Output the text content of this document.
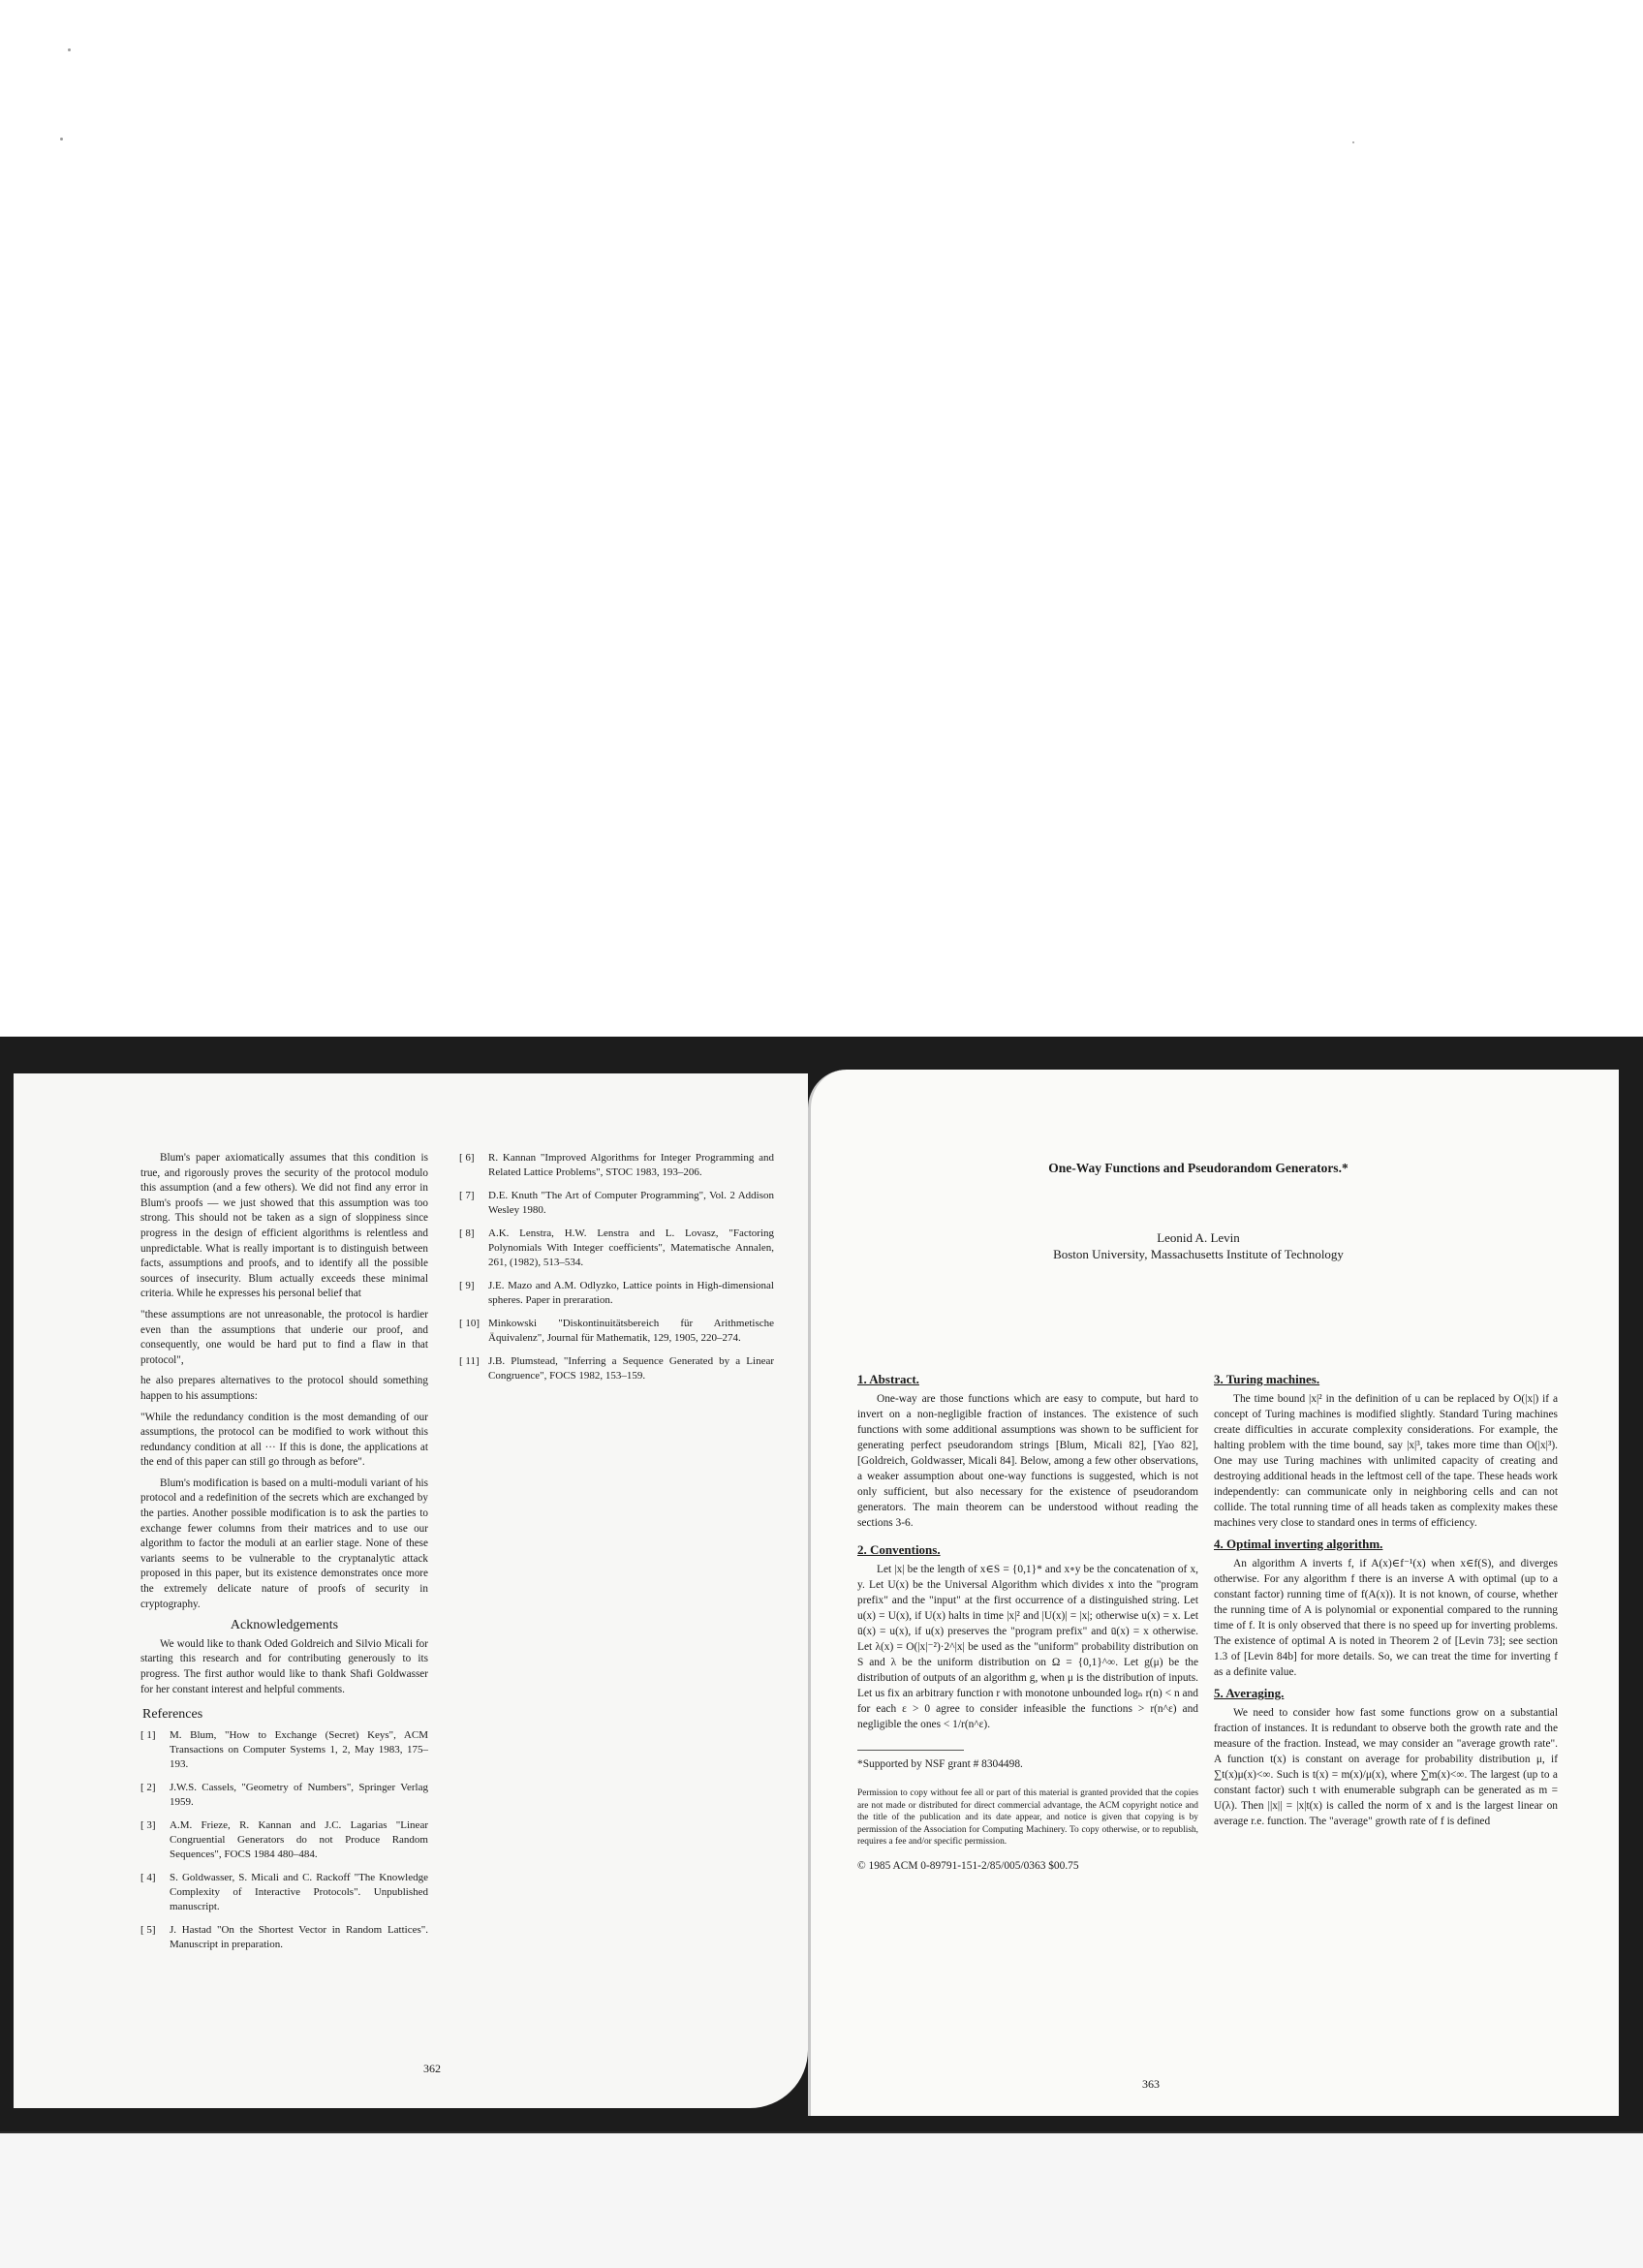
Blum's paper axiomatically assumes that this condition is true, and rigorously proves the security of the protocol modulo this assumption (and a few others). We did not find any error in Blum's proofs — we just showed that this assumption was too strong. This should not be taken as a sign of sloppiness since progress in the design of efficient algorithms is relentless and unpredictable. What is really important is to distinguish between facts, assumptions and proofs, and to identify all the possible sources of insecurity. Blum actually exceeds these minimal criteria. While he expresses his personal belief that

"these assumptions are not unreasonable, the protocol is hardier even than the assumptions that underie our proof, and consequently, one would be hard put to find a flaw in that protocol",

he also prepares alternatives to the protocol should something happen to his assumptions:

"While the redundancy condition is the most demanding of our assumptions, the protocol can be modified to work without this redundancy condition at all ··· If this is done, the applications at the end of this paper can still go through as before".

Blum's modification is based on a multi-moduli variant of his protocol and a redefinition of the secrets which are exchanged by the parties. Another possible modification is to ask the parties to exchange fewer columns from their matrices and to use our algorithm to factor the moduli at an earlier stage. None of these variants seems to be vulnerable to the cryptanalytic attack proposed in this paper, but its existence demonstrates once more the extremely delicate nature of proofs of security in cryptography.

Acknowledgements

We would like to thank Oded Goldreich and Silvio Micali for starting this research and for contributing generously to its progress. The first author would like to thank Shafi Goldwasser for her constant interest and helpful comments.

References
[ 1]	M. Blum, "How to Exchange (Secret) Keys", ACM Transactions on Computer Systems 1, 2, May 1983, 175–193.
[ 2]	J.W.S. Cassels, "Geometry of Numbers", Springer Verlag 1959.
[ 3]	A.M. Frieze, R. Kannan and J.C. Lagarias "Linear Congruential Generators do not Produce Random Sequences", FOCS 1984 480–484.
[ 4]	S. Goldwasser, S. Micali and C. Rackoff "The Knowledge Complexity of Interactive Protocols". Unpublished manuscript.
[ 5]	J. Hastad "On the Shortest Vector in Random Lattices". Manuscript in preparation.
[ 6]	R. Kannan "Improved Algorithms for Integer Programming and Related Lattice Problems", STOC 1983, 193–206.
[ 7]	D.E. Knuth "The Art of Computer Programming", Vol. 2 Addison Wesley 1980.
[ 8]	A.K. Lenstra, H.W. Lenstra and L. Lovasz, "Factoring Polynomials With Integer coefficients", Matematische Annalen, 261, (1982), 513–534.
[ 9]	J.E. Mazo and A.M. Odlyzko, Lattice points in High-dimensional spheres. Paper in preraration.
[ 10] Minkowski "Diskontinuitätsbereich für Arithmetische Äquivalenz", Journal für Mathematik, 129, 1905, 220–274.
[ 11] J.B. Plumstead, "Inferring a Sequence Generated by a Linear Congruence", FOCS 1982, 153–159.
362
One-Way Functions and Pseudorandom Generators.*
Leonid A. Levin
Boston University, Massachusetts Institute of Technology
1. Abstract.

One-way are those functions which are easy to compute, but hard to invert on a non-negligible fraction of instances. The existence of such functions with some additional assumptions was shown to be sufficient for generating perfect pseudorandom strings [Blum, Micali 82], [Yao 82], [Goldreich, Goldwasser, Micali 84]. Below, among a few other observations, a weaker assumption about one-way functions is suggested, which is not only sufficient, but also necessary for the existence of pseudorandom generators. The main theorem can be understood without reading the sections 3-6.

2. Conventions.

Let |x| be the length of x∈S = {0,1}* and x∘y be the concatenation of x, y. Let U(x) be the Universal Algorithm which divides x into the "program prefix" and the "input" at the first occurrence of a distinguished string. Let u(x) = U(x), if U(x) halts in time |x|² and |U(x)| = |x|; otherwise u(x) = x. Let ū(x) = u(x), if u(x) preserves the "program prefix" and ū(x) = x otherwise. Let λ(x) = O(|x|⁻²)·2^|x| be used as the "uniform" probability distribution on S and λ be the uniform distribution on Ω = {0,1}^∞. Let g(μ) be the distribution of outputs of an algorithm g, when μ is the distribution of inputs. Let us fix an arbitrary function r with monotone unbounded logₙ r(n) < n and for each ε > 0 agree to consider infeasible the functions > r(n^ε) and negligible the ones < 1/r(n^ε).

*Supported by NSF grant # 8304498.

Permission to copy without fee all or part of this material is granted provided that the copies are not made or distributed for direct commercial advantage, the ACM copyright notice and the title of the publication and its date appear, and notice is given that copying is by permission of the Association for Computing Machinery. To copy otherwise, or to republish, requires a fee and/or specific permission.

© 1985 ACM 0-89791-151-2/85/005/0363 $00.75

3. Turing machines.

The time bound |x|² in the definition of u can be replaced by O(|x|) if a concept of Turing machines is modified slightly. Standard Turing machines create difficulties in accurate complexity considerations. For example, the halting problem with the time bound, say |x|³, takes more time than O(|x|³). One may use Turing machines with unlimited capacity of creating and destroying additional heads in the leftmost cell of the tape. These heads work independently: can communicate only in neighboring cells and can not collide. The total running time of all heads taken as complexity makes these machines very close to standard ones in terms of efficiency.

4. Optimal inverting algorithm.

An algorithm A inverts f, if A(x)∈f⁻¹(x) when x∈f(S), and diverges otherwise. For any algorithm f there is an inverse A with optimal (up to a constant factor) running time of f(A(x)). It is not known, of course, whether the running time of A is polynomial or exponential compared to the running time of f. It is only observed that there is no speed up for inverting problems. The existence of optimal A is noted in Theorem 2 of [Levin 73]; see section 1.3 of [Levin 84b] for more details. So, we can treat the time for inverting f as a definite value.

5. Averaging.

We need to consider how fast some functions grow on a substantial fraction of instances. It is redundant to observe both the growth rate and the measure of the fraction. Instead, we may consider an "average growth rate". A function t(x) is constant on average for probability distribution μ, if ∑t(x)μ(x)<∞. Such is t(x) = m(x)/μ(x), where ∑m(x)<∞. The largest (up to a constant factor) such t with enumerable subgraph can be generated as m = U(λ). Then ||x|| = |x|t(x) is called the norm of x and is the largest linear on average r.e. function. The "average" growth rate of f is defined

363
